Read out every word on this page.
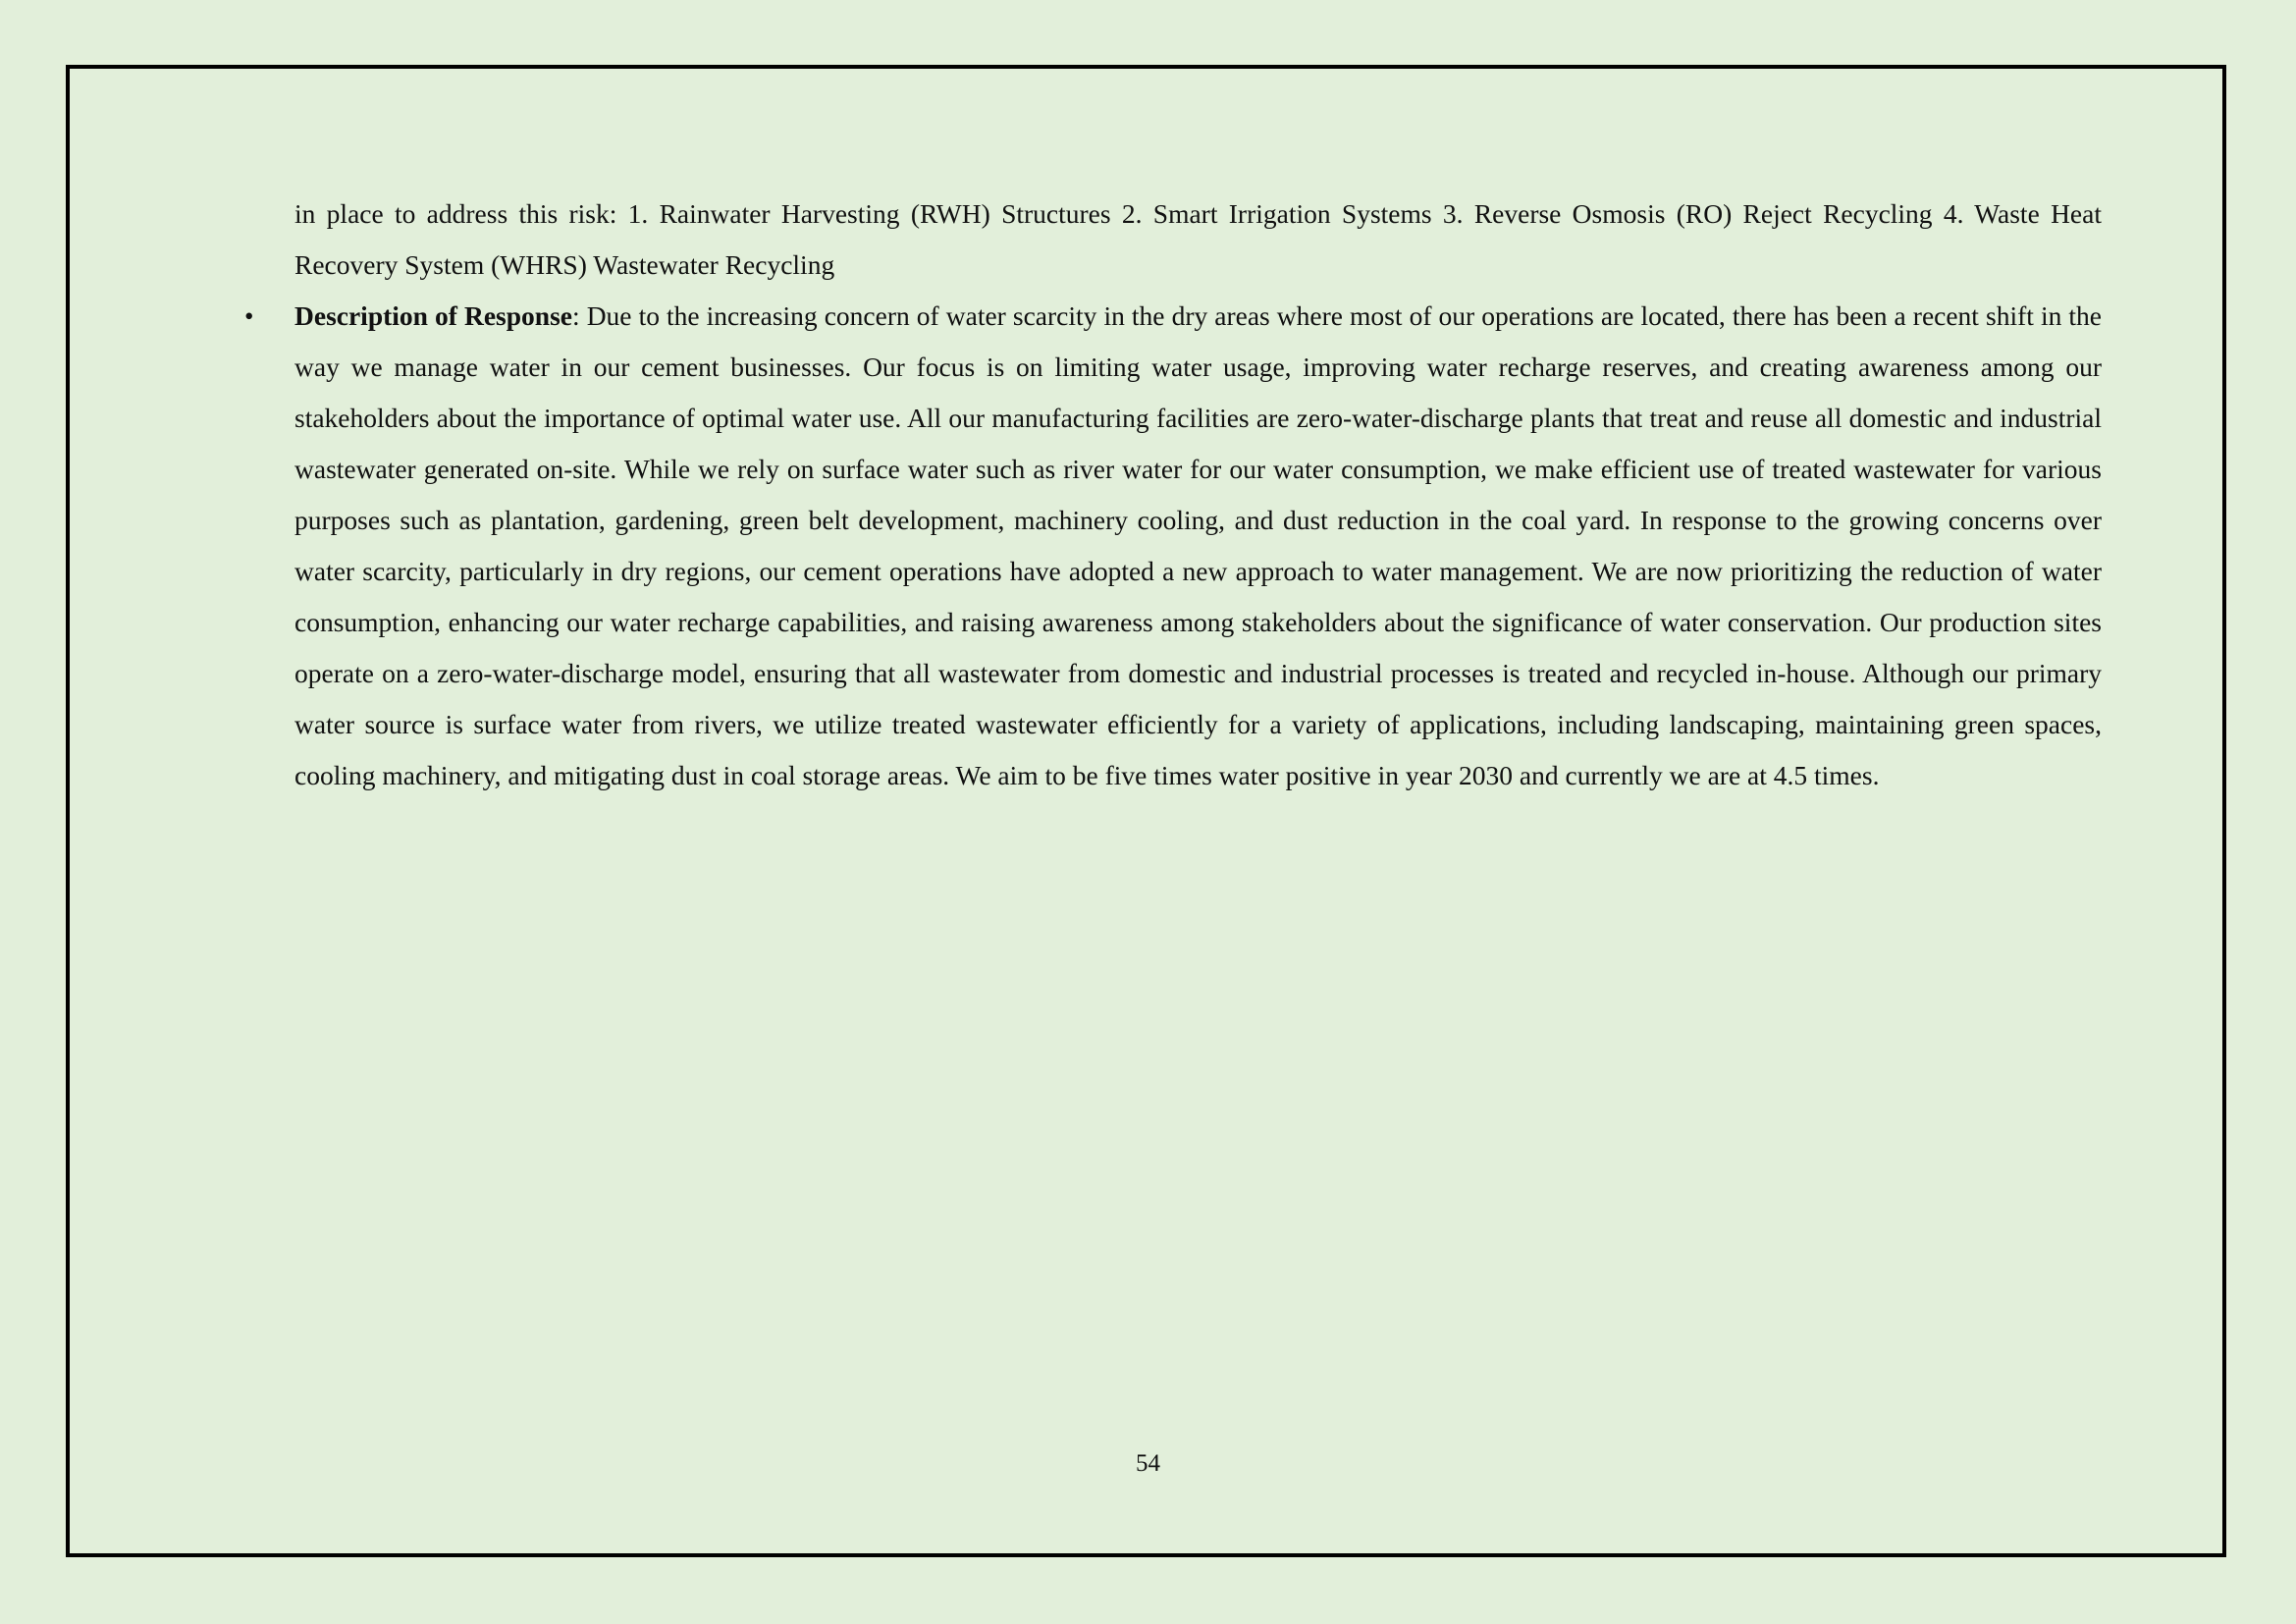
in place to address this risk: 1. Rainwater Harvesting (RWH) Structures 2. Smart Irrigation Systems 3. Reverse Osmosis (RO) Reject Recycling 4. Waste Heat Recovery System (WHRS) Wastewater Recycling

• Description of Response: Due to the increasing concern of water scarcity in the dry areas where most of our operations are located, there has been a recent shift in the way we manage water in our cement businesses. Our focus is on limiting water usage, improving water recharge reserves, and creating awareness among our stakeholders about the importance of optimal water use. All our manufacturing facilities are zero-water-discharge plants that treat and reuse all domestic and industrial wastewater generated on-site. While we rely on surface water such as river water for our water consumption, we make efficient use of treated wastewater for various purposes such as plantation, gardening, green belt development, machinery cooling, and dust reduction in the coal yard. In response to the growing concerns over water scarcity, particularly in dry regions, our cement operations have adopted a new approach to water management. We are now prioritizing the reduction of water consumption, enhancing our water recharge capabilities, and raising awareness among stakeholders about the significance of water conservation. Our production sites operate on a zero-water-discharge model, ensuring that all wastewater from domestic and industrial processes is treated and recycled in-house. Although our primary water source is surface water from rivers, we utilize treated wastewater efficiently for a variety of applications, including landscaping, maintaining green spaces, cooling machinery, and mitigating dust in coal storage areas. We aim to be five times water positive in year 2030 and currently we are at 4.5 times.

54
